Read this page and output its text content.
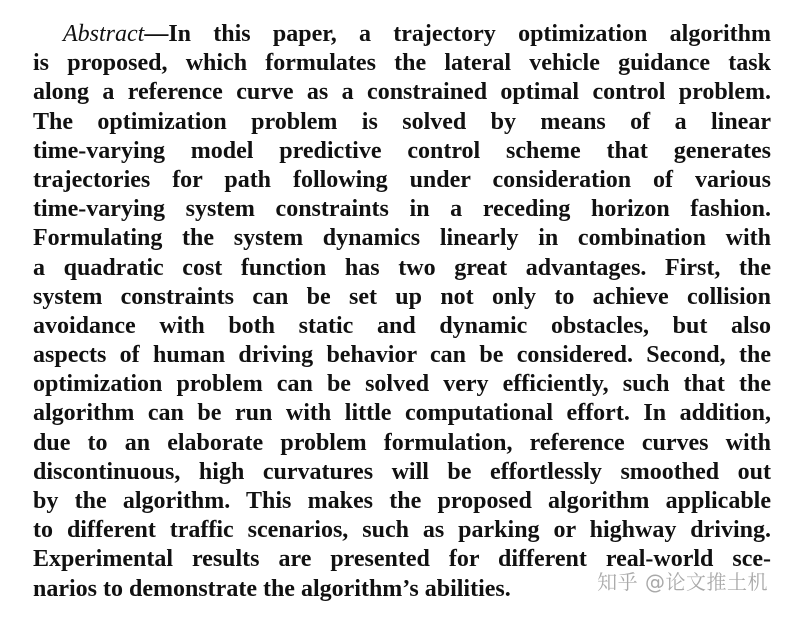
Abstract—In this paper, a trajectory optimization algorithm
is proposed, which formulates the lateral vehicle guidance task
along a reference curve as a constrained optimal control problem.
The optimization problem is solved by means of a linear
time-varying model predictive control scheme that generates
trajectories for path following under consideration of various
time-varying system constraints in a receding horizon fashion.
Formulating the system dynamics linearly in combination with
a quadratic cost function has two great advantages. First, the
system constraints can be set up not only to achieve collision
avoidance with both static and dynamic obstacles, but also
aspects of human driving behavior can be considered. Second, the
optimization problem can be solved very efficiently, such that the
algorithm can be run with little computational effort. In addition,
due to an elaborate problem formulation, reference curves with
discontinuous, high curvatures will be effortlessly smoothed out
by the algorithm. This makes the proposed algorithm applicable
to different traffic scenarios, such as parking or highway driving.
Experimental results are presented for different real-world sce-
narios to demonstrate the algorithm’s abilities.	知乎 @论文推土机
